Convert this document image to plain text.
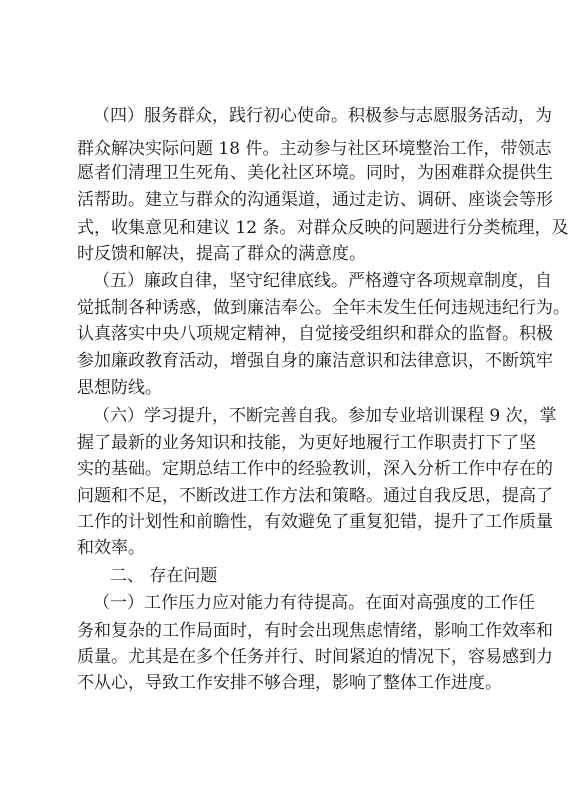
（四）服务群众，践行初心使命。积极参与志愿服务活动，为
群众解决实际问题 18 件。主动参与社区环境整治工作，带领志
愿者们清理卫生死角、美化社区环境。同时，为困难群众提供生
活帮助。建立与群众的沟通渠道，通过走访、调研、座谈会等形
式，收集意见和建议 12 条。对群众反映的问题进行分类梳理，及
时反馈和解决，提高了群众的满意度。
（五）廉政自律，坚守纪律底线。严格遵守各项规章制度，自
觉抵制各种诱惑，做到廉洁奉公。全年未发生任何违规违纪行为。
认真落实中央八项规定精神，自觉接受组织和群众的监督。积极
参加廉政教育活动，增强自身的廉洁意识和法律意识，不断筑牢
思想防线。
（六）学习提升，不断完善自我。参加专业培训课程 9 次，掌
握了最新的业务知识和技能，为更好地履行工作职责打下了坚
实的基础。定期总结工作中的经验教训，深入分析工作中存在的
问题和不足，不断改进工作方法和策略。通过自我反思，提高了
工作的计划性和前瞻性，有效避免了重复犯错，提升了工作质量
和效率。
二、 存在问题
（一）工作压力应对能力有待提高。在面对高强度的工作任
务和复杂的工作局面时，有时会出现焦虑情绪，影响工作效率和
质量。尤其是在多个任务并行、时间紧迫的情况下，容易感到力
不从心，导致工作安排不够合理，影响了整体工作进度。
